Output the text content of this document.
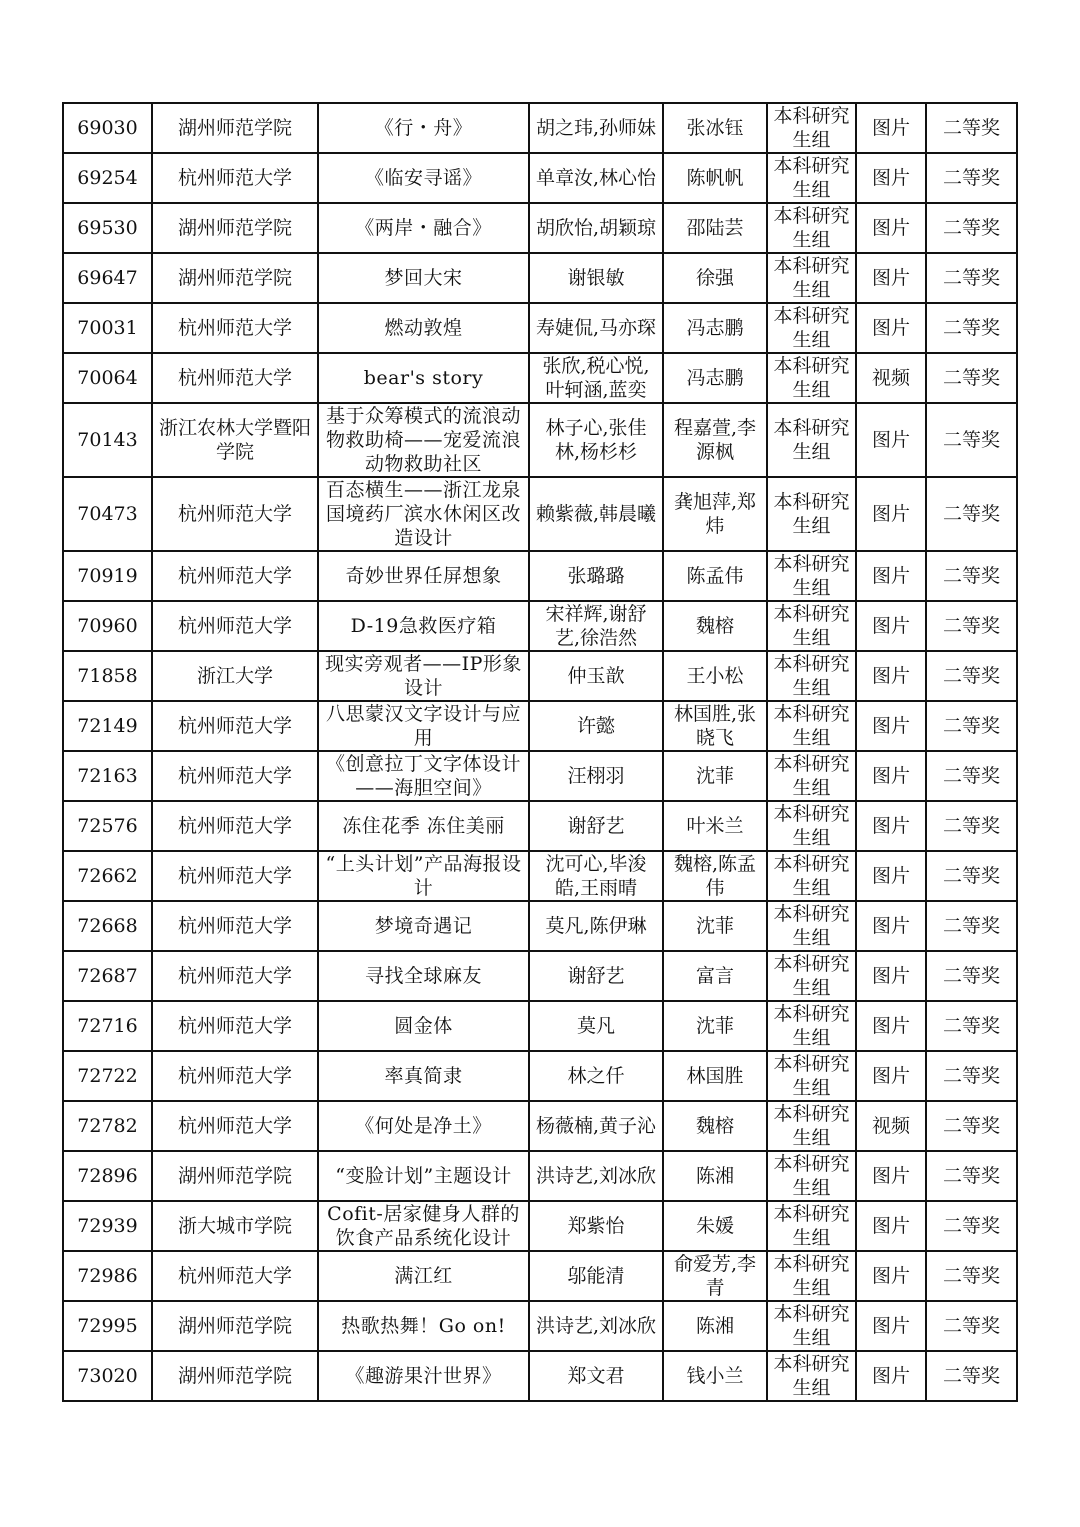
69030	湖州师范学院	《行・舟》	胡之玮,孙师妹	张冰钰	本科研究生组	图片	二等奖
69254	杭州师范大学	《临安寻谣》	单章汝,林心怡	陈帆帆	本科研究生组	图片	二等奖
69530	湖州师范学院	《两岸・融合》	胡欣怡,胡颖琼	邵陆芸	本科研究生组	图片	二等奖
69647	湖州师范学院	梦回大宋	谢银敏	徐强	本科研究生组	图片	二等奖
70031	杭州师范大学	燃动敦煌	寿婕侃,马亦琛	冯志鹏	本科研究生组	图片	二等奖
70064	杭州师范大学	bear's story	张欣,税心悦,叶轲涵,蓝奕	冯志鹏	本科研究生组	视频	二等奖
70143	浙江农林大学暨阳学院	基于众筹模式的流浪动物救助椅——宠爱流浪动物救助社区	林子心,张佳林,杨杉杉	程嘉萱,李源枫	本科研究生组	图片	二等奖
70473	杭州师范大学	百态横生——浙江龙泉国境药厂滨水休闲区改造设计	赖紫薇,韩晨曦	龚旭萍,郑炜	本科研究生组	图片	二等奖
70919	杭州师范大学	奇妙世界任屏想象	张璐璐	陈孟伟	本科研究生组	图片	二等奖
70960	杭州师范大学	D-19急救医疗箱	宋祥辉,谢舒艺,徐浩然	魏榕	本科研究生组	图片	二等奖
71858	浙江大学	现实旁观者——IP形象设计	仲玉歆	王小松	本科研究生组	图片	二等奖
72149	杭州师范大学	八思蒙汉文字设计与应用	许懿	林国胜,张晓飞	本科研究生组	图片	二等奖
72163	杭州师范大学	《创意拉丁文字体设计——海胆空间》	汪栩羽	沈菲	本科研究生组	图片	二等奖
72576	杭州师范大学	冻住花季 冻住美丽	谢舒艺	叶米兰	本科研究生组	图片	二等奖
72662	杭州师范大学	“上头计划”产品海报设计	沈可心,毕浚皓,王雨晴	魏榕,陈孟伟	本科研究生组	图片	二等奖
72668	杭州师范大学	梦境奇遇记	莫凡,陈伊琳	沈菲	本科研究生组	图片	二等奖
72687	杭州师范大学	寻找全球麻友	谢舒艺	富言	本科研究生组	图片	二等奖
72716	杭州师范大学	圆金体	莫凡	沈菲	本科研究生组	图片	二等奖
72722	杭州师范大学	率真简隶	林之仟	林国胜	本科研究生组	图片	二等奖
72782	杭州师范大学	《何处是净土》	杨薇楠,黄子沁	魏榕	本科研究生组	视频	二等奖
72896	湖州师范学院	“变脸计划”主题设计	洪诗艺,刘冰欣	陈湘	本科研究生组	图片	二等奖
72939	浙大城市学院	Cofit-居家健身人群的饮食产品系统化设计	郑紫怡	朱媛	本科研究生组	图片	二等奖
72986	杭州师范大学	满江红	邬能清	俞爱芳,李青	本科研究生组	图片	二等奖
72995	湖州师范学院	热歌热舞！Go on!	洪诗艺,刘冰欣	陈湘	本科研究生组	图片	二等奖
73020	湖州师范学院	《趣游果汁世界》	郑文君	钱小兰	本科研究生组	图片	二等奖
